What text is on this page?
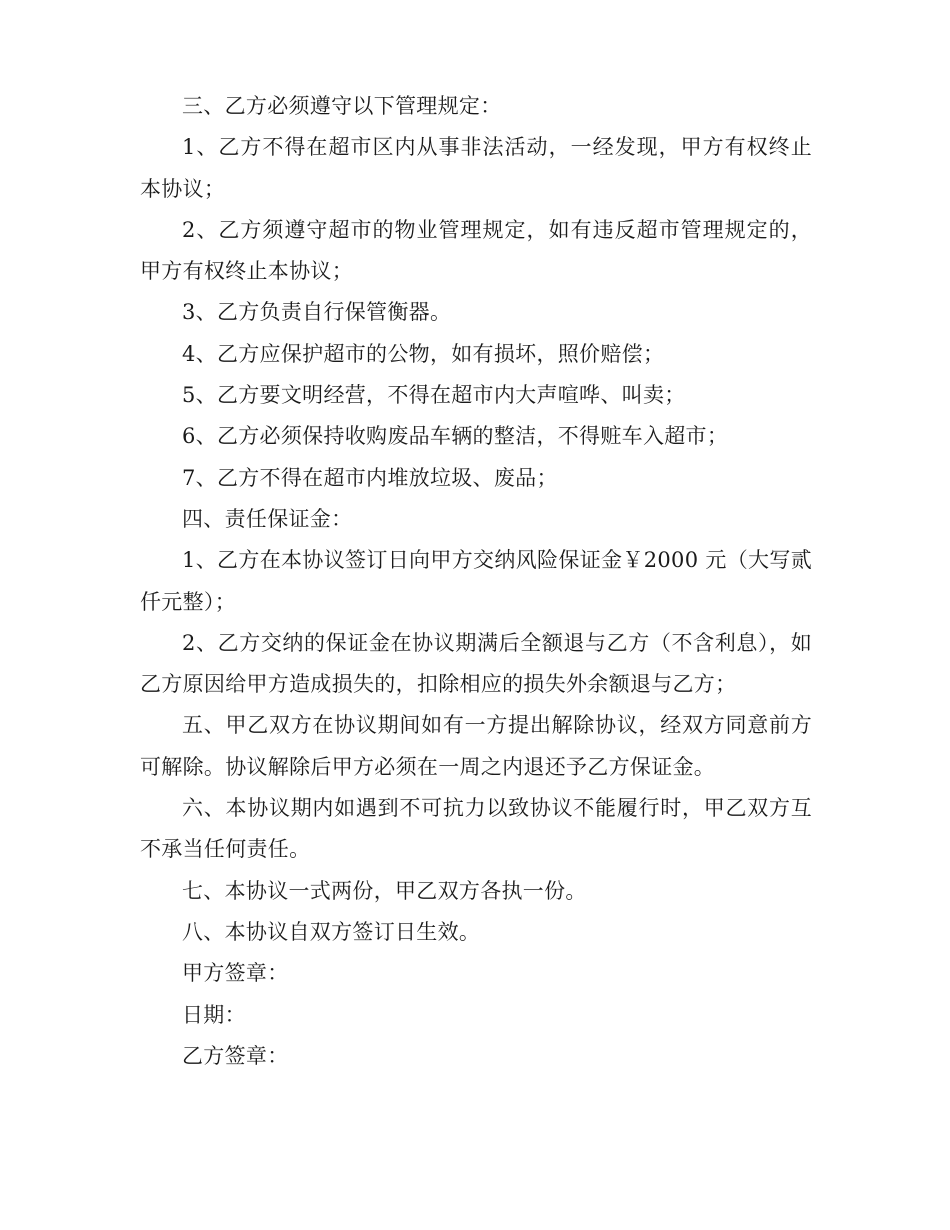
三、乙方必须遵守以下管理规定：

1、乙方不得在超市区内从事非法活动，一经发现，甲方有权终止本协议；

2、乙方须遵守超市的物业管理规定，如有违反超市管理规定的，甲方有权终止本协议；

3、乙方负责自行保管衡器。

4、乙方应保护超市的公物，如有损坏，照价赔偿；

5、乙方要文明经营，不得在超市内大声喧哗、叫卖；

6、乙方必须保持收购废品车辆的整洁，不得赃车入超市；

7、乙方不得在超市内堆放垃圾、废品；

四、责任保证金：

1、乙方在本协议签订日向甲方交纳风险保证金￥2000 元（大写贰仟元整）；

2、乙方交纳的保证金在协议期满后全额退与乙方（不含利息），如乙方原因给甲方造成损失的，扣除相应的损失外余额退与乙方；

五、甲乙双方在协议期间如有一方提出解除协议，经双方同意前方可解除。协议解除后甲方必须在一周之内退还予乙方保证金。

六、本协议期内如遇到不可抗力以致协议不能履行时，甲乙双方互不承当任何责任。

七、本协议一式两份，甲乙双方各执一份。

八、本协议自双方签订日生效。

甲方签章：

日期：

乙方签章：
